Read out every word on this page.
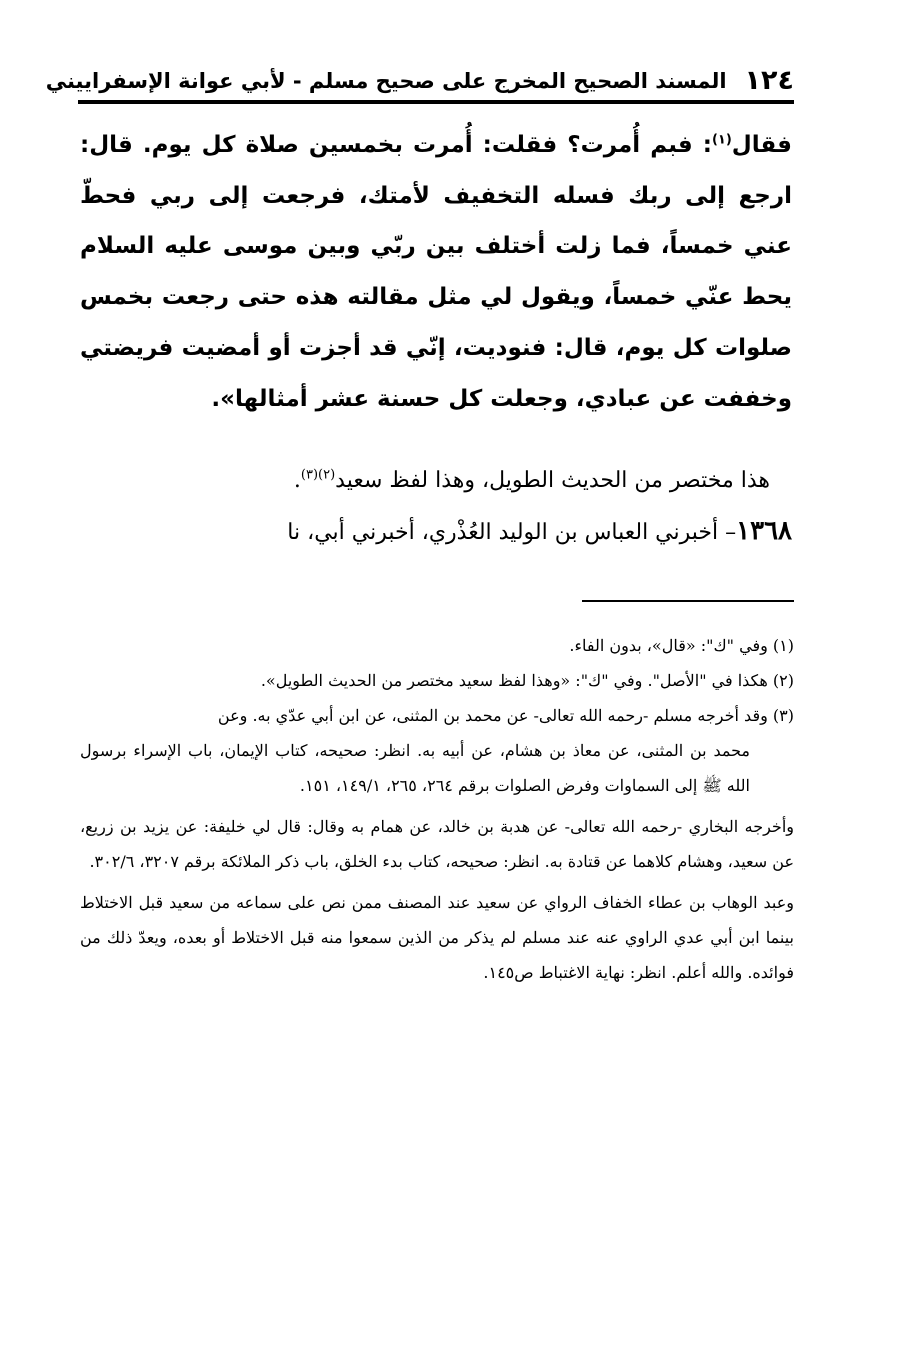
١٢٤
المسند الصحيح المخرج على صحيح مسلم - لأبي عوانة الإسفراييني

فقال$^{(١)}$: فبم أُمرت؟ فقلت: أُمرت بخمسين صلاة كل يوم. قال: ارجع إلى ربك فسله التخفيف لأمتك، فرجعت إلى ربي فحطّ عني خمساً، فما زلت أختلف بين ربّي وبين موسى عليه السلام يحط عنّي خمساً، ويقول لي مثل مقالته هذه حتى رجعت بخمس صلوات كل يوم، قال: فنوديت، إنّي قد أجزت أو أمضيت فريضتي وخففت عن عبادي، وجعلت كل حسنة عشر أمثالها».

 هذا مختصر من الحديث الطويل، وهذا لفظ سعيد$^{(٢)(٣)}$.

١٣٦٨– أخبرني العباس بن الوليد العُذْري، أخبرني أبي، نا

(١) وفي "ك": «قال»، بدون الفاء.

(٢) هكذا في "الأصل". وفي "ك": «وهذا لفظ سعيد مختصر من الحديث الطويل».

(٣) وقد أخرجه مسلم -رحمه الله تعالى- عن محمد بن المثنى، عن ابن أبي عدّي به. وعن

محمد بن المثنى، عن معاذ بن هشام، عن أبيه به. انظر: صحيحه، كتاب الإيمان، باب الإسراء برسول الله ﷺ إلى السماوات وفرض الصلوات برقم ٢٦٤، ٢٦٥، ١٤٩/١، ١٥١.

وأخرجه البخاري -رحمه الله تعالى- عن هدبة بن خالد، عن همام به وقال: قال لي خليفة: عن يزيد بن زريع، عن سعيد، وهشام كلاهما عن قتادة به. انظر: صحيحه، كتاب بدء الخلق، باب ذكر الملائكة برقم ٣٢٠٧، ٣٠٢/٦.

وعبد الوهاب بن عطاء الخفاف الرواي عن سعيد عند المصنف ممن نص على سماعه من سعيد قبل الاختلاط بينما ابن أبي عدي الراوي عنه عند مسلم لم يذكر من الذين سمعوا منه قبل الاختلاط أو بعده، ويعدّ ذلك من فوائده. والله أعلم. انظر: نهاية الاغتباط ص١٤٥.
